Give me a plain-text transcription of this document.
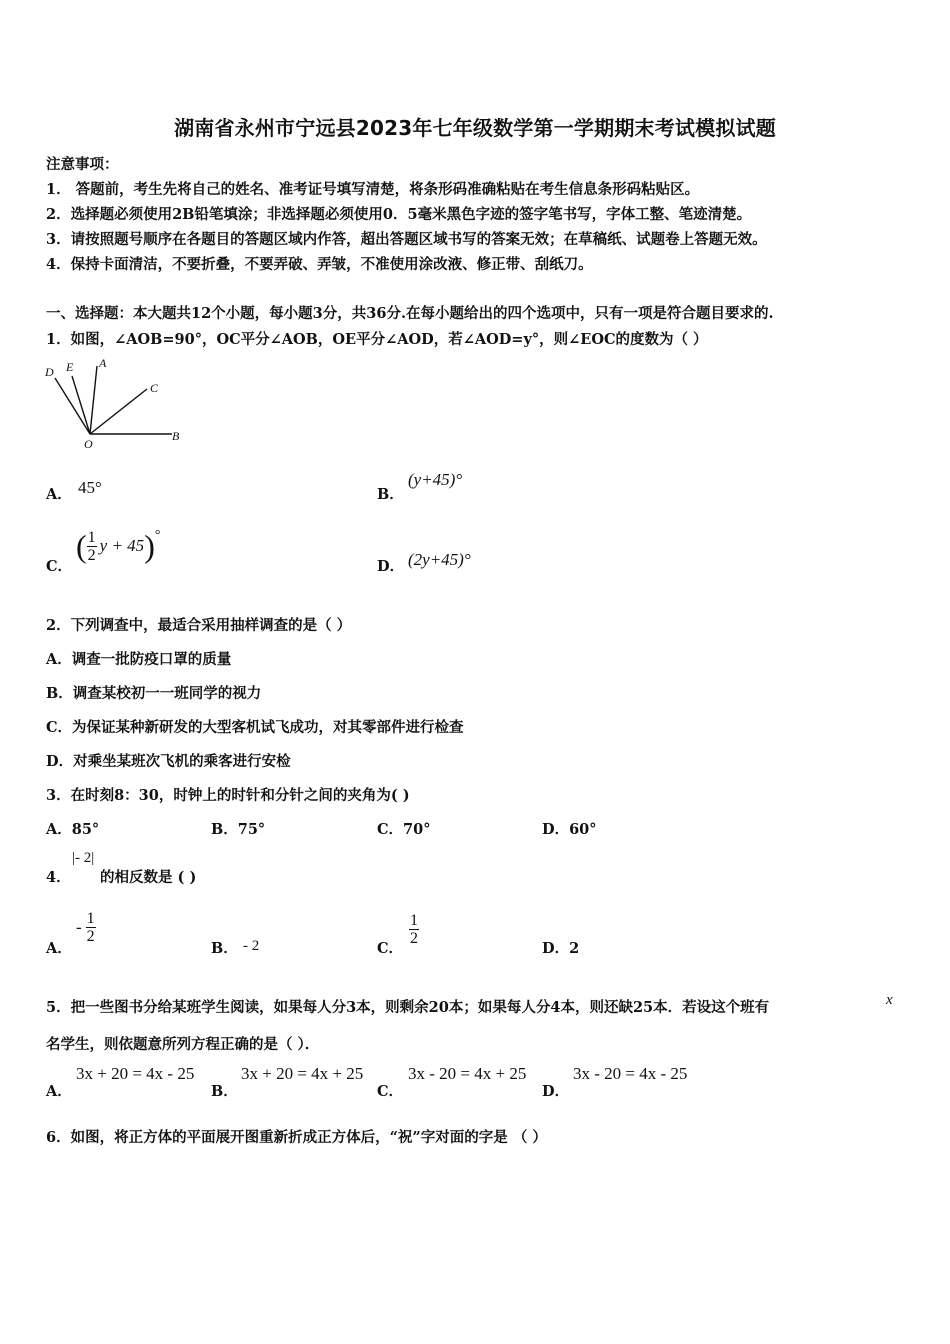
湖南省永州市宁远县2023年七年级数学第一学期期末考试模拟试题
注意事项：
1． 答题前，考生先将自己的姓名、准考证号填写清楚，将条形码准确粘贴在考生信息条形码粘贴区。
2．选择题必须使用2B铅笔填涂；非选择题必须使用0．5毫米黑色字迹的签字笔书写，字体工整、笔迹清楚。
3．请按照题号顺序在各题目的答题区域内作答，超出答题区域书写的答案无效；在草稿纸、试题卷上答题无效。
4．保持卡面清洁，不要折叠，不要弄破、弄皱，不准使用涂改液、修正带、刮纸刀。
一、选择题：本大题共12个小题，每小题3分，共36分.在每小题给出的四个选项中，只有一项是符合题目要求的.
1．如图，∠AOB=90°，OC平分∠AOB，OE平分∠AOD，若∠AOD=y°，则∠EOC的度数为（ ）
D E A
C
O
B
A． 45°	B．
(y+45)°
C．
( $\frac{1}{2}$ y + 45)°
D． (2y+45)°
2．下列调查中，最适合采用抽样调查的是（ ）
A．调查一批防疫口罩的质量
B．调查某校初一一班同学的视力
C．为保证某种新研发的大型客机试飞成功，对其零部件进行检查
D．对乘坐某班次飞机的乘客进行安检
3．在时刻8：30，时钟上的时针和分针之间的夹角为( )
A．85°	B．75°	C．70°	D．60°
4．
|- 2|
的相反数是 ( )
A．
- $\frac{1}{2}$
B． - 2	C．
$\frac{1}{2}$
D．2
5．把一些图书分给某班学生阅读，如果每人分3本，则剩余20本；如果每人分4本，则还缺25本．若设这个班有	x
名学生，则依题意所列方程正确的是（ ）．
A．
3x + 20 = 4x - 25
B．
3x + 20 = 4x + 25
C．
3x - 20 = 4x + 25
D．
3x - 20 = 4x - 25
6．如图，将正方体的平面展开图重新折成正方体后，“祝”字对面的字是 （ ）
